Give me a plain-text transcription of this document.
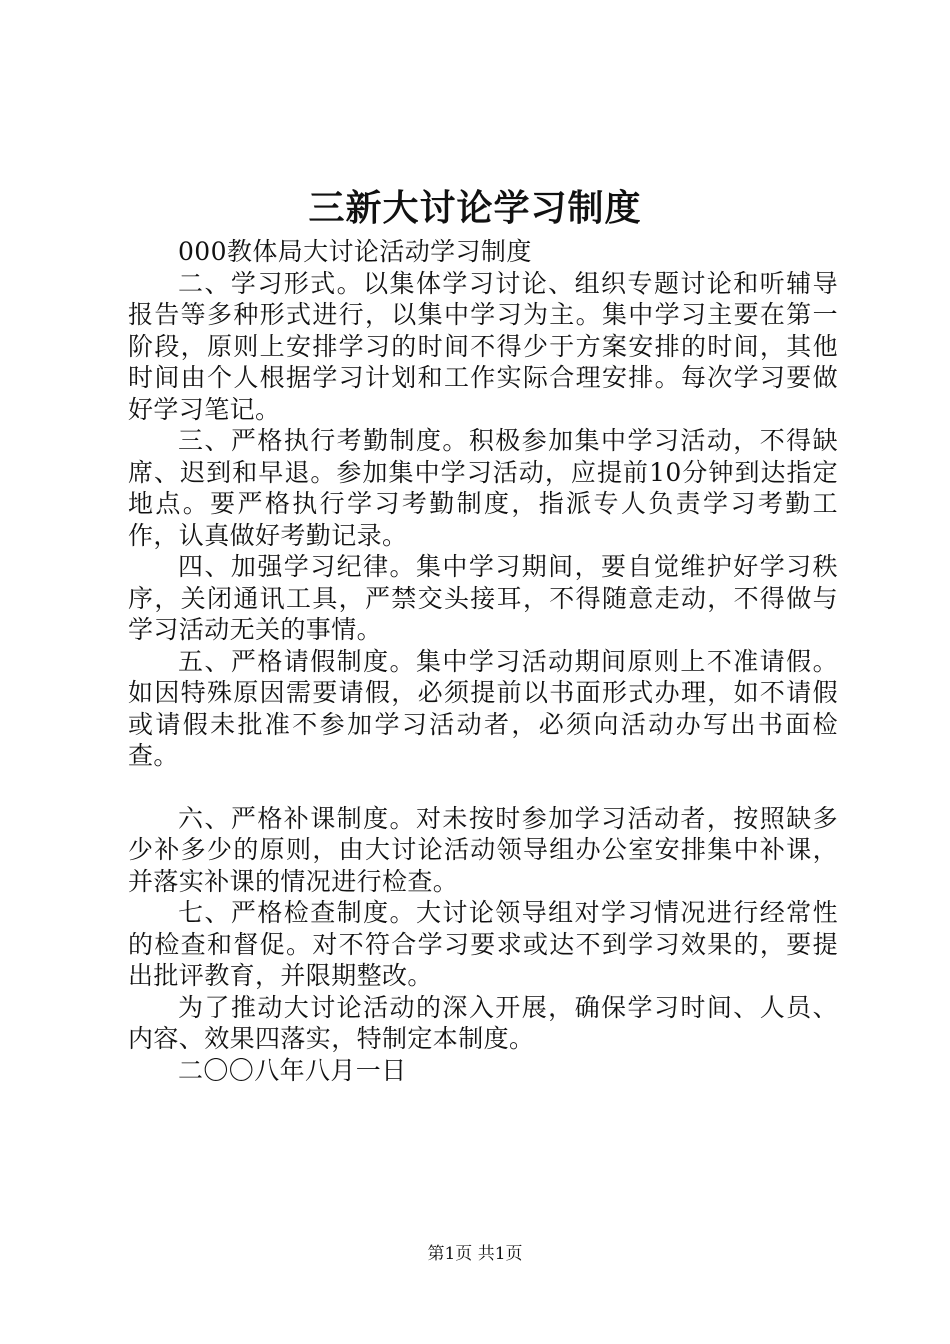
三新大讨论学习制度

000教体局大讨论活动学习制度

二、学习形式。以集体学习讨论、组织专题讨论和听辅导报告等多种形式进行，以集中学习为主。集中学习主要在第一阶段，原则上安排学习的时间不得少于方案安排的时间，其他时间由个人根据学习计划和工作实际合理安排。每次学习要做好学习笔记。

三、严格执行考勤制度。积极参加集中学习活动，不得缺席、迟到和早退。参加集中学习活动，应提前10分钟到达指定地点。要严格执行学习考勤制度，指派专人负责学习考勤工作，认真做好考勤记录。

四、加强学习纪律。集中学习期间，要自觉维护好学习秩序，关闭通讯工具，严禁交头接耳，不得随意走动，不得做与学习活动无关的事情。

五、严格请假制度。集中学习活动期间原则上不准请假。如因特殊原因需要请假，必须提前以书面形式办理，如不请假或请假未批准不参加学习活动者，必须向活动办写出书面检查。

六、严格补课制度。对未按时参加学习活动者，按照缺多少补多少的原则，由大讨论活动领导组办公室安排集中补课，并落实补课的情况进行检查。

七、严格检查制度。大讨论领导组对学习情况进行经常性的检查和督促。对不符合学习要求或达不到学习效果的，要提出批评教育，并限期整改。

为了推动大讨论活动的深入开展，确保学习时间、人员、内容、效果四落实，特制定本制度。

二〇〇八年八月一日

第1页 共1页
